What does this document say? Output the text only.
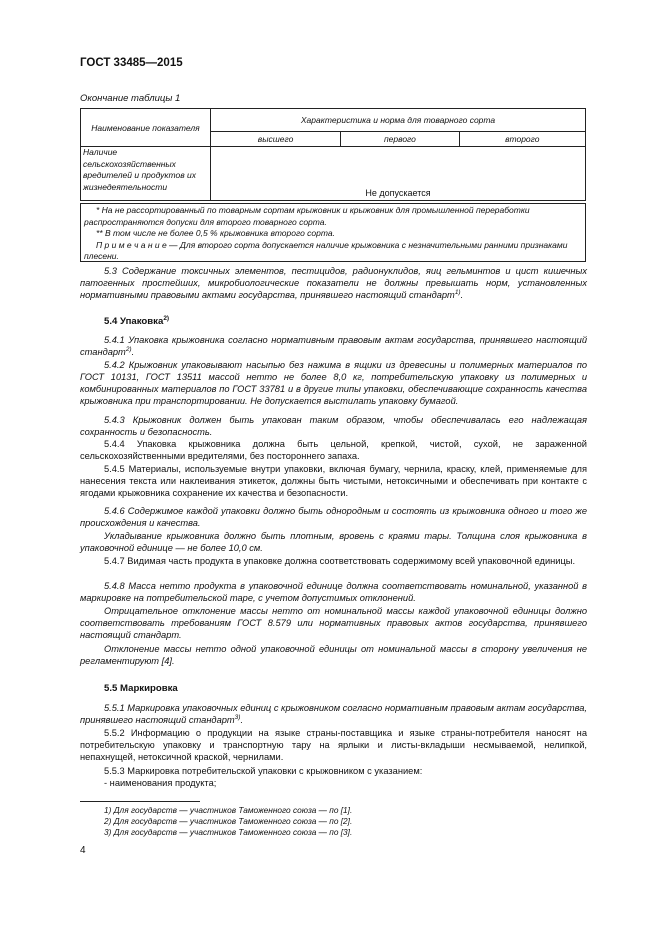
ГОСТ 33485—2015
Окончание таблицы 1
Наименование показателя	Характеристика и норма для товарного сорта		
	высшего	первого	второго
Наличие сельскохозяйственных вредителей и продуктов их жизнедеятельности	Не допускается		
* На не рассортированный по товарным сортам крыжовник и крыжовник для промышленной переработки распространяются допуски для второго товарного сорта.
** В том числе не более 0,5 % крыжовника второго сорта.
П р и м е ч а н и е — Для второго сорта допускается наличие крыжовника с незначительными ранними признаками плесени.

5.3 Содержание токсичных элементов, пестицидов, радионуклидов, яиц гельминтов и цист кишечных патогенных простейших, микробиологические показатели не должны превышать норм, установленных нормативными правовыми актами государства, принявшего настоящий стандарт$^{1)}$.

5.4 Упаковка$^{2)}$

5.4.1 Упаковка крыжовника согласно нормативным правовым актам государства, принявшего настоящий стандарт$^{2)}$.

5.4.2 Крыжовник упаковывают насыпью без нажима в ящики из древесины и полимерных материалов по ГОСТ 10131, ГОСТ 13511 массой нетто не более 8,0 кг, потребительскую упаковку из полимерных и комбинированных материалов по ГОСТ 33781 и в другие типы упаковки, обеспечивающие сохранность качества крыжовника при транспортировании. Не допускается выстилать упаковку бумагой.

5.4.3 Крыжовник должен быть упакован таким образом, чтобы обеспечивалась его надлежащая сохранность и безопасность.

5.4.4 Упаковка крыжовника должна быть цельной, крепкой, чистой, сухой, не зараженной сельскохозяйственными вредителями, без постороннего запаха.

5.4.5 Материалы, используемые внутри упаковки, включая бумагу, чернила, краску, клей, применяемые для нанесения текста или наклеивания этикеток, должны быть чистыми, нетоксичными и обеспечивать при контакте с ягодами крыжовника сохранение их качества и безопасности.

5.4.6 Содержимое каждой упаковки должно быть однородным и состоять из крыжовника одного и того же происхождения и качества.

Укладывание крыжовника должно быть плотным, вровень с краями тары. Толщина слоя крыжовника в упаковочной единице — не более 10,0 см.

5.4.7 Видимая часть продукта в упаковке должна соответствовать содержимому всей упаковочной единицы.

5.4.8 Масса нетто продукта в упаковочной единице должна соответствовать номинальной, указанной в маркировке на потребительской таре, с учетом допустимых отклонений.

Отрицательное отклонение массы нетто от номинальной массы каждой упаковочной единицы должно соответствовать требованиям ГОСТ 8.579 или нормативных правовых актов государства, принявшего настоящий стандарт.

Отклонение массы нетто одной упаковочной единицы от номинальной массы в сторону увеличения не регламентируют [4].

5.5 Маркировка

5.5.1 Маркировка упаковочных единиц с крыжовником согласно нормативным правовым актам государства, принявшего настоящий стандарт$^{3)}$.

5.5.2 Информацию о продукции на языке страны-поставщика и языке страны-потребителя наносят на потребительскую упаковку и транспортную тару на ярлыки и листы-вкладыши несмываемой, нелипкой, непахнущей, нетоксичной краской, чернилами.

5.5.3 Маркировка потребительской упаковки с крыжовником с указанием:

- наименования продукта;

1) Для государств — участников Таможенного союза — по [1].
2) Для государств — участников Таможенного союза — по [2].
3) Для государств — участников Таможенного союза — по [3].
4
